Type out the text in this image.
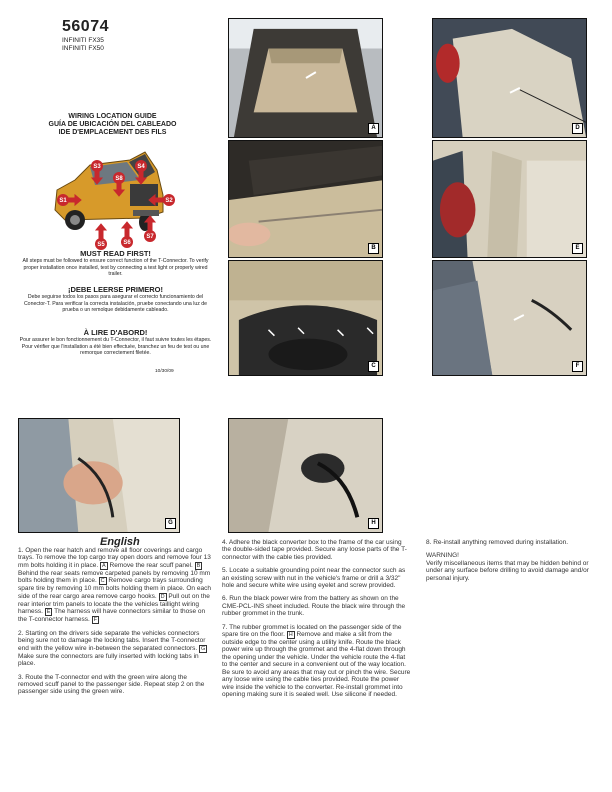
56074
INFINITI FX35
INFINITI FX50
WIRING LOCATION GUIDE
GUÍA DE UBICACIÓN DEL CABLEADO
IDE D'EMPLACEMENT DES FILS
S1	S2
S3	S4
S5	S6
S7
S8
MUST READ FIRST!

All steps must be followed to ensure correct function of the T-Connector. To verify proper installation once installed, test by connecting a test light or properly wired trailer.

¡DEBE LEERSE PRIMERO!

Debe seguirse todos los pasos para asegurar el correcto funcionamiento del Conector-T. Para verificar la correcta instalación, pruebe conectando una luz de prueba o un remolque debidamente cableado.

À LIRE D'ABORD!

Pour assurer le bon fonctionnement du T-Connector, il faut suivre toutes les étapes. Pour vérifier que l'installation a été bien effectuée, branchez un feu de test ou une remorque correctement filetée.

10/30/09
A
B
C
D
E
F
G	H
English

1. Open the rear hatch and remove all floor coverings and cargo trays. To remove the top cargo tray open doors and remove four 13 mm bolts holding it in place. A Remove the rear scuff panel. BBehind the rear seats remove carpeted panels by removing 10 mm bolts holding them in place. C Remove cargo trays surrounding spare tire by removing 10 mm bolts holding them in place. On each side of the rear cargo area remove cargo hooks. D Pull out on the rear interior trim panels to locate the the vehicles taillight wiring harness. E The harness will have connectors similar to those on the T-connector harness. F

2. Starting on the drivers side separate the vehicles connectors being sure not to damage the locking tabs. Insert the T-connector end with the yellow wire in-between the separated connectors. G Make sure the connectors are fully inserted with locking tabs in place.

3. Route the T-connector end with the green wire along the removed scuff panel to the passenger side. Repeat step 2 on the passenger side using the green wire.

4. Adhere the black converter box to the frame of the car using the double-sided tape provided. Secure any loose parts of the T-connector with the cable ties provided.

5. Locate a suitable grounding point near the connector such as an existing screw with nut in the vehicle's frame or drill a 3/32" hole and secure white wire using eyelet and screw provided.

6. Run the black power wire from the battery as shown on the CME-PCL-INS sheet included. Route the black wire through the rubber grommet in the trunk.

7. The rubber grommet is located on the passenger side of the spare tire on the floor. H Remove and make a slit from the outside edge to the center using a utility knife. Route the black power wire up through the grommet and the 4-flat down through the opening under the vehicle. Under the vehicle route the 4-flat to the center and secure in a convenient out of the way location. Be sure to avoid any areas that may cut or pinch the wire. Secure any loose wire using the cable ties provided. Route the power wire inside the vehicle to the converter. Re-install grommet into opening making sure it is sealed well. Use silicone if needed.

8. Re-install anything removed during installation.

WARNING!
Verify miscellaneous items that may be hidden behind or under any surface before drilling to avoid damage and/or personal injury.
